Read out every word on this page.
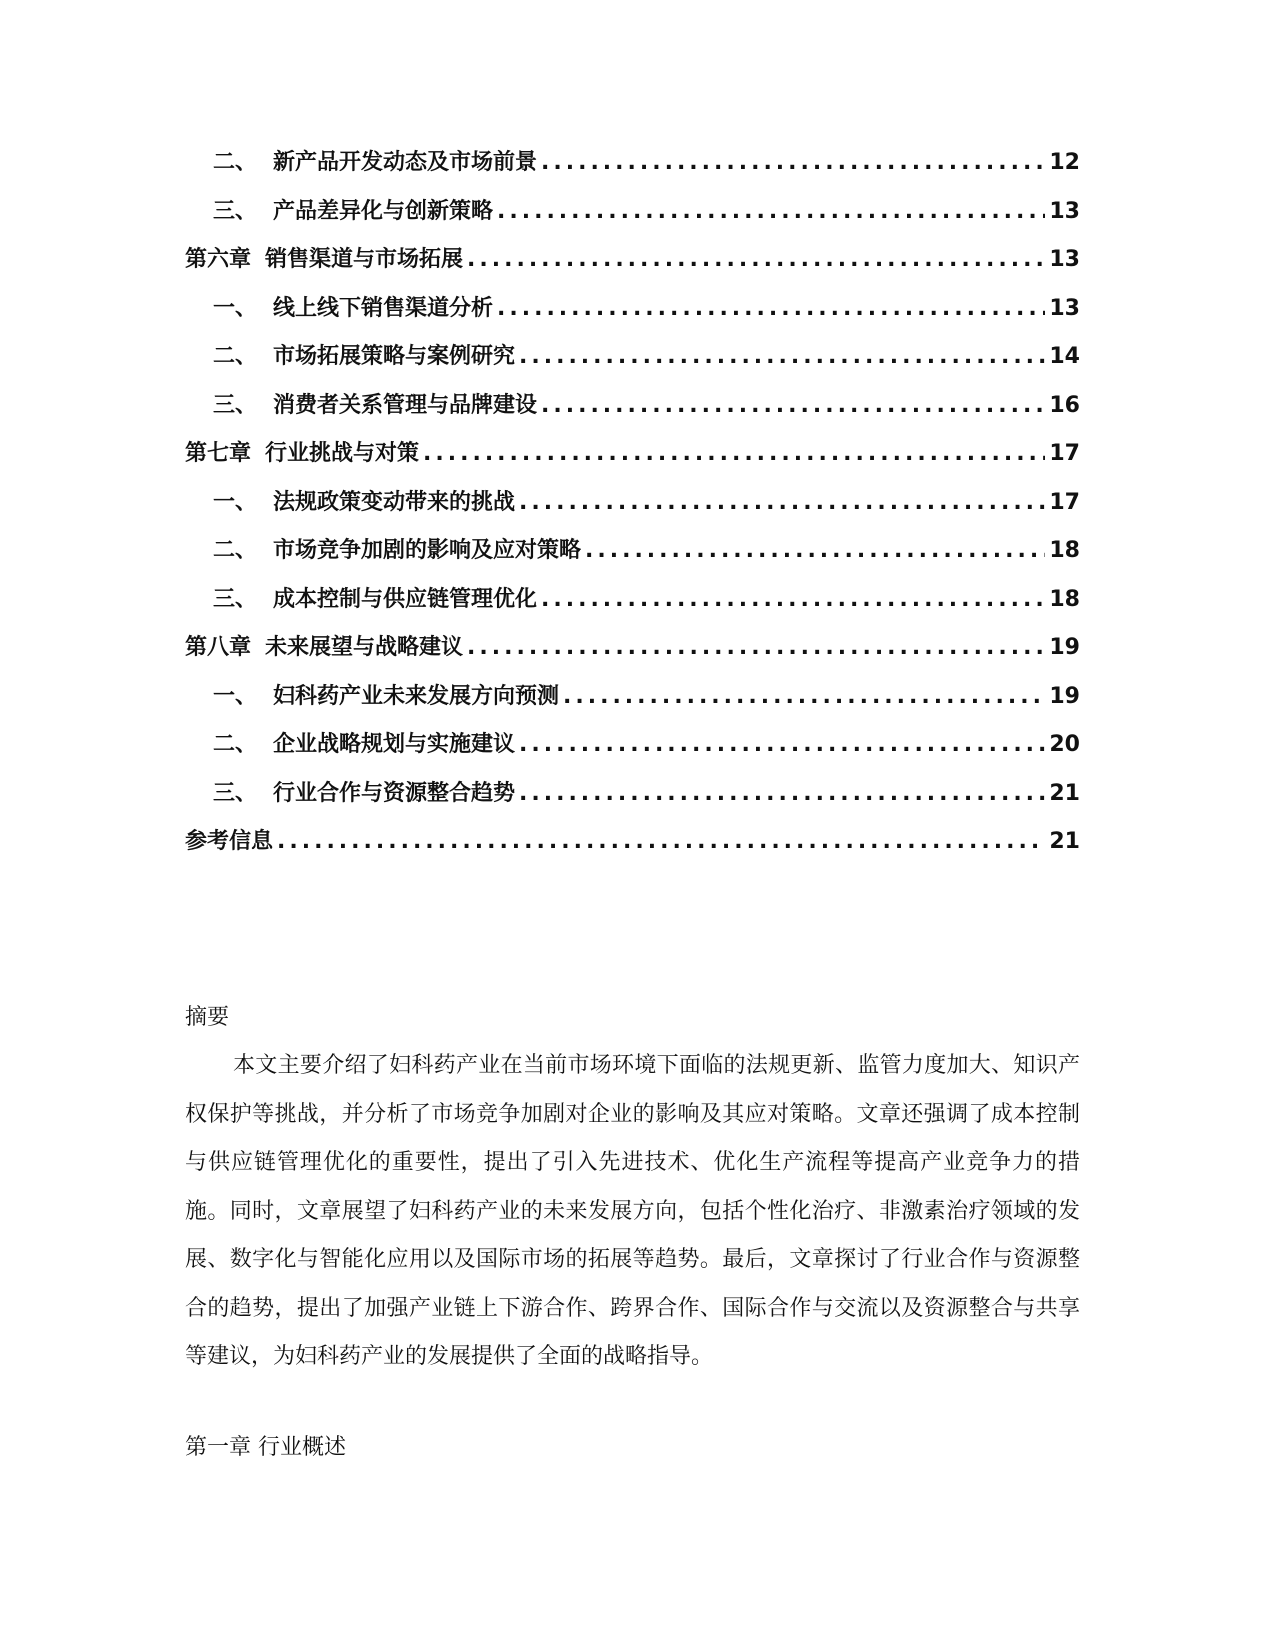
二、 新产品开发动态及市场前景 .....	12
三、 产品差异化与创新策略 .....	13
第六章 销售渠道与市场拓展 .....	13
一、 线上线下销售渠道分析 .....	13
二、 市场拓展策略与案例研究 .....	14
三、 消费者关系管理与品牌建设 .....	16
第七章 行业挑战与对策 .....	17
一、 法规政策变动带来的挑战 .....	17
二、 市场竞争加剧的影响及应对策略 .....	18
三、 成本控制与供应链管理优化 .....	18
第八章 未来展望与战略建议 .....	19
一、 妇科药产业未来发展方向预测 .....	19
二、 企业战略规划与实施建议 .....	20
三、 行业合作与资源整合趋势 .....	21
参考信息 .....	21
摘要

本文主要介绍了妇科药产业在当前市场环境下面临的法规更新、监管力度加大、知识产权保护等挑战，并分析了市场竞争加剧对企业的影响及其应对策略。文章还强调了成本控制与供应链管理优化的重要性，提出了引入先进技术、优化生产流程等提高产业竞争力的措施。同时，文章展望了妇科药产业的未来发展方向，包括个性化治疗、非激素治疗领域的发展、数字化与智能化应用以及国际市场的拓展等趋势。最后，文章探讨了行业合作与资源整合的趋势，提出了加强产业链上下游合作、跨界合作、国际合作与交流以及资源整合与共享等建议，为妇科药产业的发展提供了全面的战略指导。

第一章 行业概述
